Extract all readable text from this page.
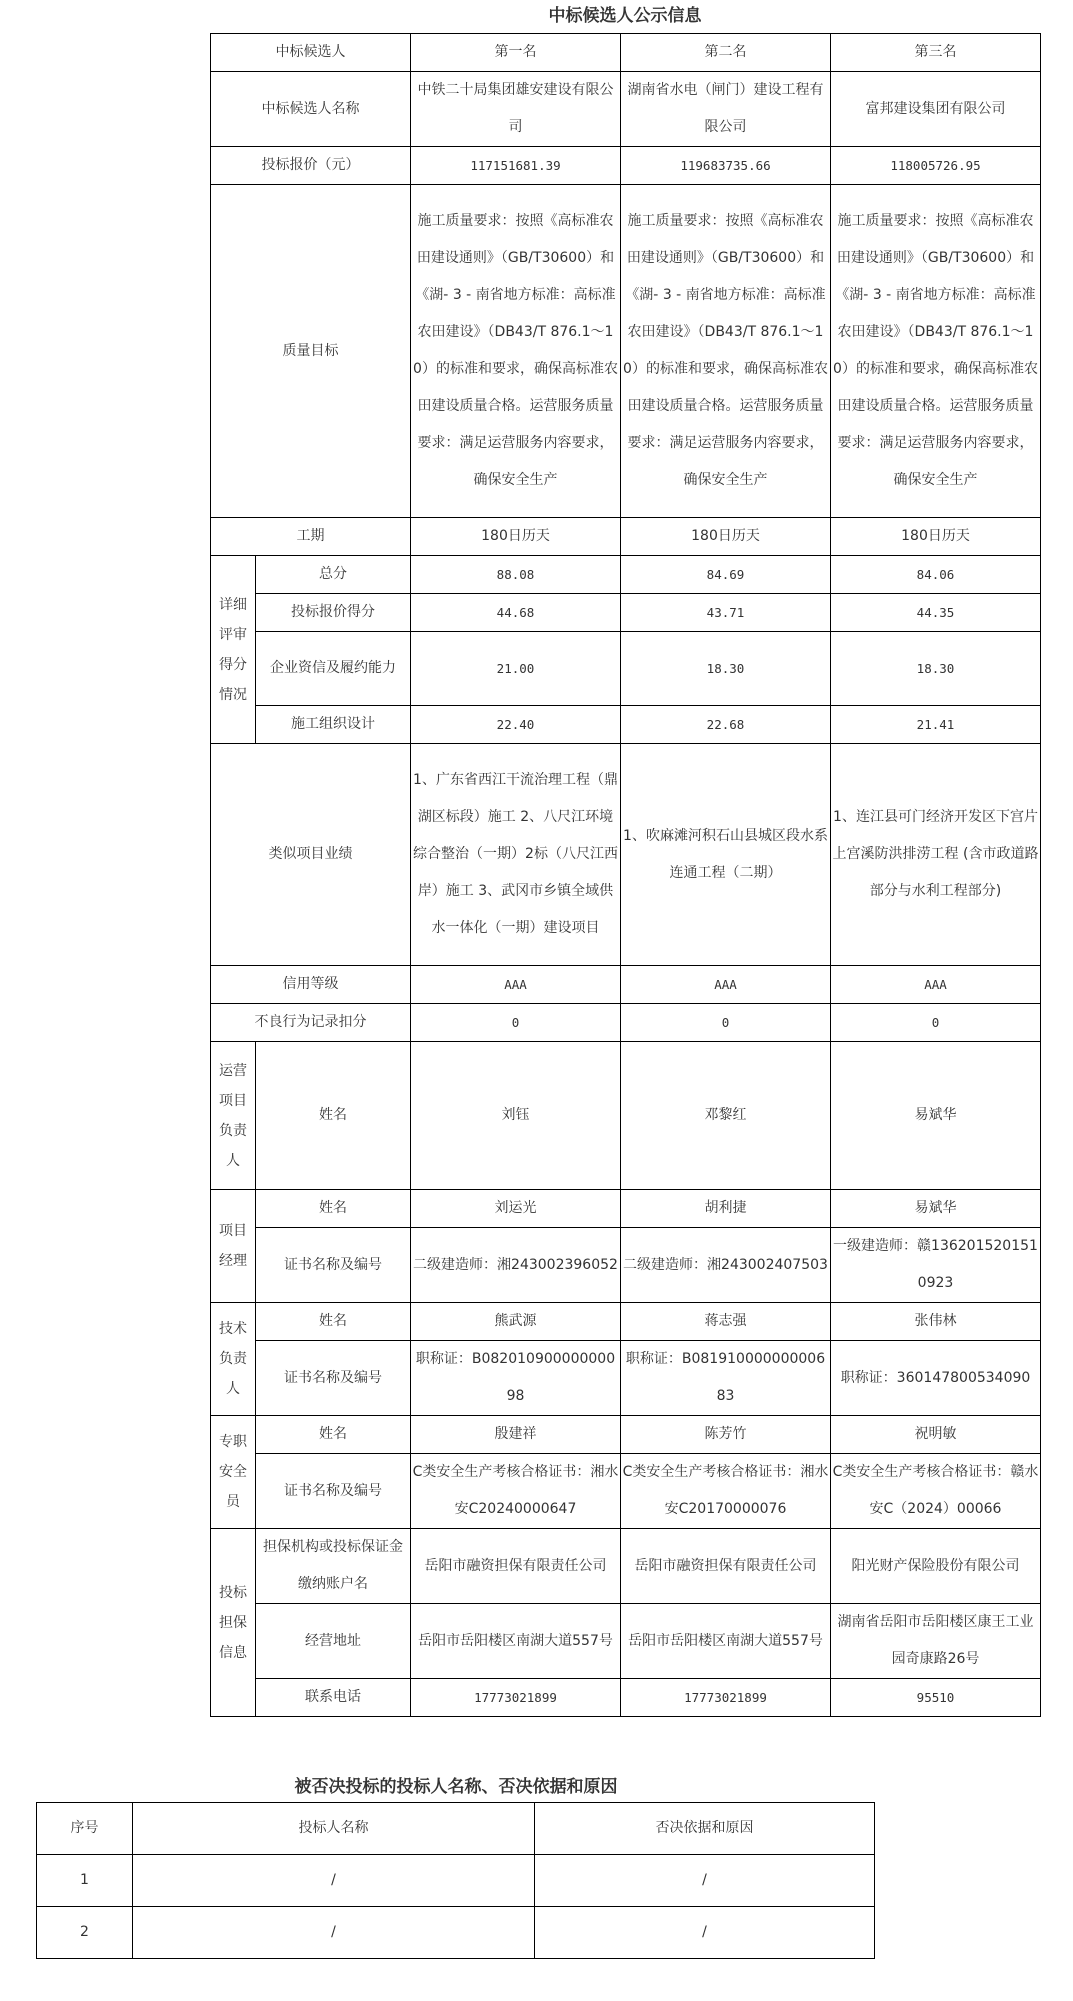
中标候选人公示信息
中标候选人		第一名	第二名	第三名
中标候选人名称		中铁二十局集团雄安建设有限公司	湖南省水电（闸门）建设工程有限公司	富邦建设集团有限公司
投标报价（元）		117151681.39	119683735.66	118005726.95
质量目标		施工质量要求：按照《高标准农田建设通则》（GB/T30600）和《湖- 3 - 南省地方标准：高标准农田建设》（DB43/T 876.1～10）的标准和要求，确保高标准农田建设质量合格。运营服务质量要求：满足运营服务内容要求，确保安全生产	施工质量要求：按照《高标准农田建设通则》（GB/T30600）和《湖- 3 - 南省地方标准：高标准农田建设》（DB43/T 876.1～10）的标准和要求，确保高标准农田建设质量合格。运营服务质量要求：满足运营服务内容要求，确保安全生产	施工质量要求：按照《高标准农田建设通则》（GB/T30600）和《湖- 3 - 南省地方标准：高标准农田建设》（DB43/T 876.1～10）的标准和要求，确保高标准农田建设质量合格。运营服务质量要求：满足运营服务内容要求，确保安全生产
工期		180日历天	180日历天	180日历天
详细评审得分情况	总分	88.08	84.69	84.06
	投标报价得分	44.68	43.71	44.35
	企业资信及履约能力	21.00	18.30	18.30
	施工组织设计	22.40	22.68	21.41
类似项目业绩		1、广东省西江干流治理工程（鼎湖区标段）施工 2、八尺江环境综合整治（一期）2标（八尺江西岸）施工 3、武冈市乡镇全域供水一体化（一期）建设项目	1、吹麻滩河积石山县城区段水系连通工程（二期）	1、连江县可门经济开发区下宫片上宫溪防洪排涝工程 (含市政道路部分与水利工程部分)
信用等级		AAA	AAA	AAA
不良行为记录扣分		0	0	0
运营项目负责人	姓名	刘钰	邓黎红	易斌华
项目经理	姓名	刘运光	胡利捷	易斌华
	证书名称及编号	二级建造师：湘243002396052	二级建造师：湘243002407503	一级建造师：赣1362015201510923
技术负责人	姓名	熊武源	蒋志强	张伟林
	证书名称及编号	职称证：B08201090000000098	职称证：B08191000000000683	职称证：360147800534090
专职安全员	姓名	殷建祥	陈芳竹	祝明敏
	证书名称及编号	C类安全生产考核合格证书：湘水安C20240000647	C类安全生产考核合格证书：湘水安C20170000076	C类安全生产考核合格证书：赣水安C（2024）00066
投标担保信息	担保机构或投标保证金缴纳账户名	岳阳市融资担保有限责任公司	岳阳市融资担保有限责任公司	阳光财产保险股份有限公司
	经营地址	岳阳市岳阳楼区南湖大道557号	岳阳市岳阳楼区南湖大道557号	湖南省岳阳市岳阳楼区康王工业园奇康路26号
	联系电话	17773021899	17773021899	95510
被否决投标的投标人名称、否决依据和原因
序号	投标人名称	否决依据和原因
1	/	/
2	/	/
